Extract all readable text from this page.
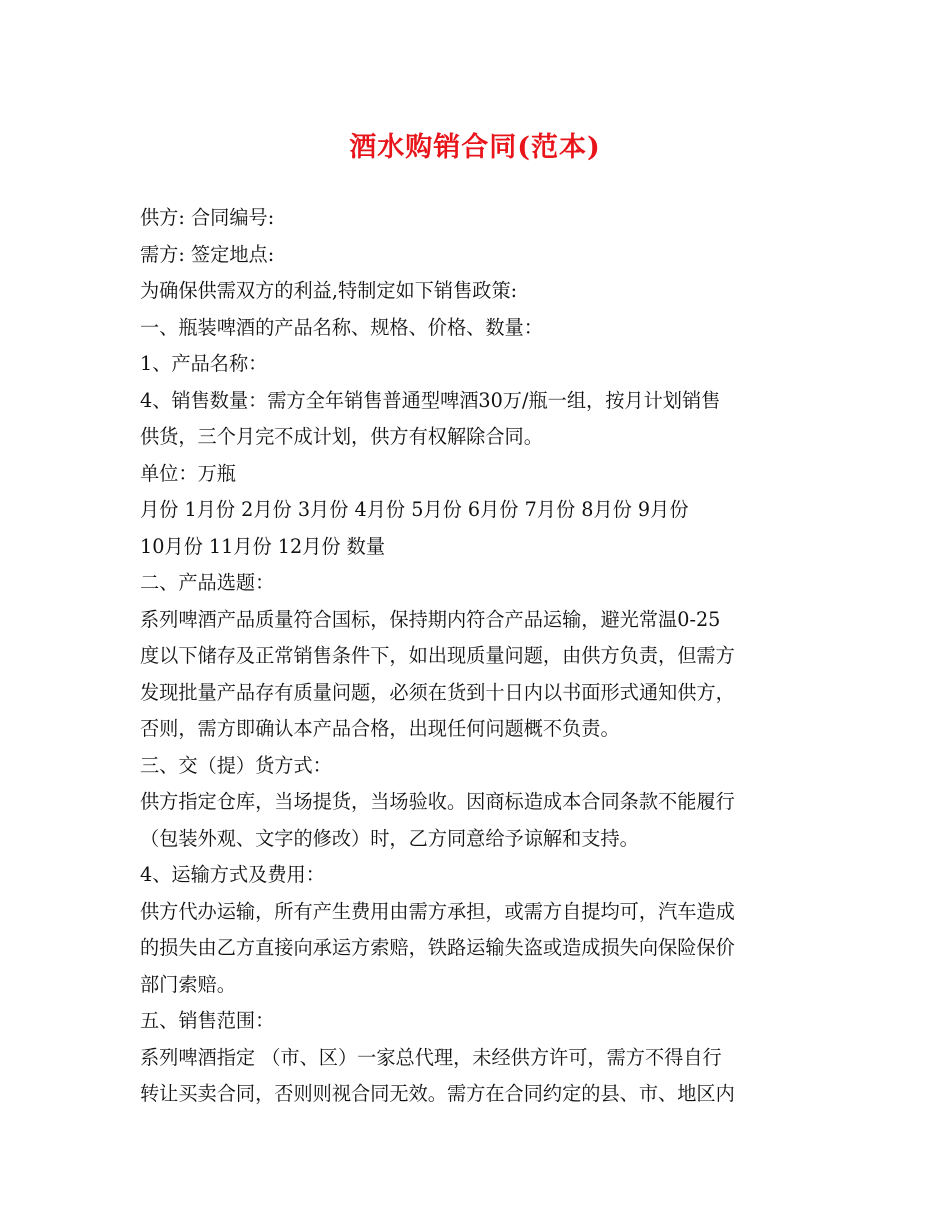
酒水购销合同(范本)
供方: 合同编号:
需方: 签定地点:
为确保供需双方的利益,特制定如下销售政策:
一、瓶装啤酒的产品名称、规格、价格、数量：
1、产品名称：
4、销售数量：需方全年销售普通型啤酒30万/瓶一组，按月计划销售
供货，三个月完不成计划，供方有权解除合同。
单位：万瓶
月份 1月份 2月份 3月份 4月份 5月份 6月份 7月份 8月份 9月份
10月份 11月份 12月份 数量
二、产品选题：
系列啤酒产品质量符合国标，保持期内符合产品运输，避光常温0-25
度以下储存及正常销售条件下，如出现质量问题，由供方负责，但需方
发现批量产品存有质量问题，必须在货到十日内以书面形式通知供方，
否则，需方即确认本产品合格，出现任何问题概不负责。
三、交（提）货方式：
供方指定仓库，当场提货，当场验收。因商标造成本合同条款不能履行
（包装外观、文字的修改）时，乙方同意给予谅解和支持。
4、运输方式及费用：
供方代办运输，所有产生费用由需方承担，或需方自提均可，汽车造成
的损失由乙方直接向承运方索赔，铁路运输失盗或造成损失向保险保价
部门索赔。
五、销售范围：
系列啤酒指定 （市、区）一家总代理，未经供方许可，需方不得自行
转让买卖合同，否则则视合同无效。需方在合同约定的县、市、地区内
